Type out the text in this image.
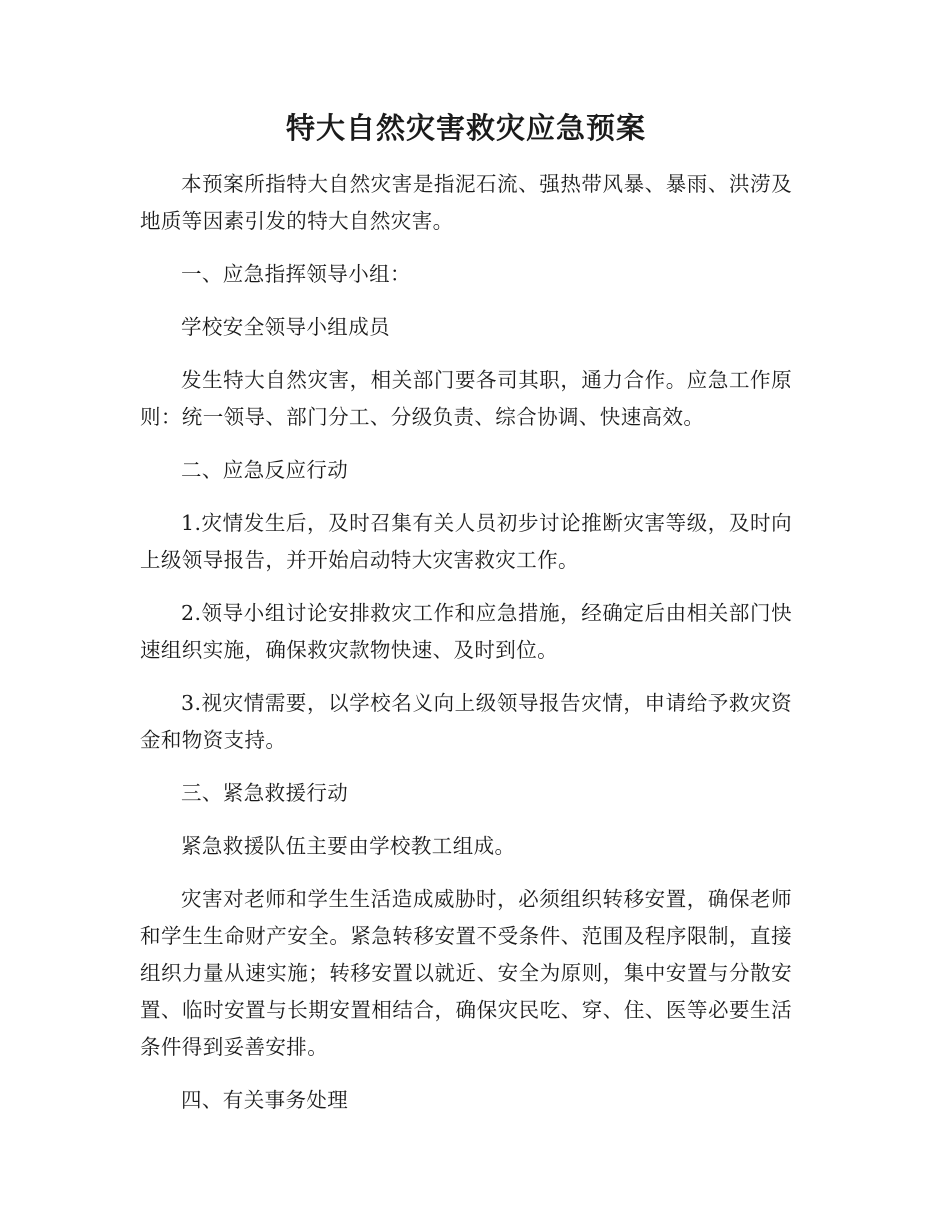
特大自然灾害救灾应急预案

本预案所指特大自然灾害是指泥石流、强热带风暴、暴雨、洪涝及地质等因素引发的特大自然灾害。

一、应急指挥领导小组：

学校安全领导小组成员

发生特大自然灾害，相关部门要各司其职，通力合作。应急工作原则：统一领导、部门分工、分级负责、综合协调、快速高效。

二、应急反应行动

1.灾情发生后，及时召集有关人员初步讨论推断灾害等级，及时向上级领导报告，并开始启动特大灾害救灾工作。

2.领导小组讨论安排救灾工作和应急措施，经确定后由相关部门快速组织实施，确保救灾款物快速、及时到位。

3.视灾情需要，以学校名义向上级领导报告灾情，申请给予救灾资金和物资支持。

三、紧急救援行动

紧急救援队伍主要由学校教工组成。

灾害对老师和学生生活造成威胁时，必须组织转移安置，确保老师和学生生命财产安全。紧急转移安置不受条件、范围及程序限制，直接组织力量从速实施；转移安置以就近、安全为原则，集中安置与分散安置、临时安置与长期安置相结合，确保灾民吃、穿、住、医等必要生活条件得到妥善安排。

四、有关事务处理
